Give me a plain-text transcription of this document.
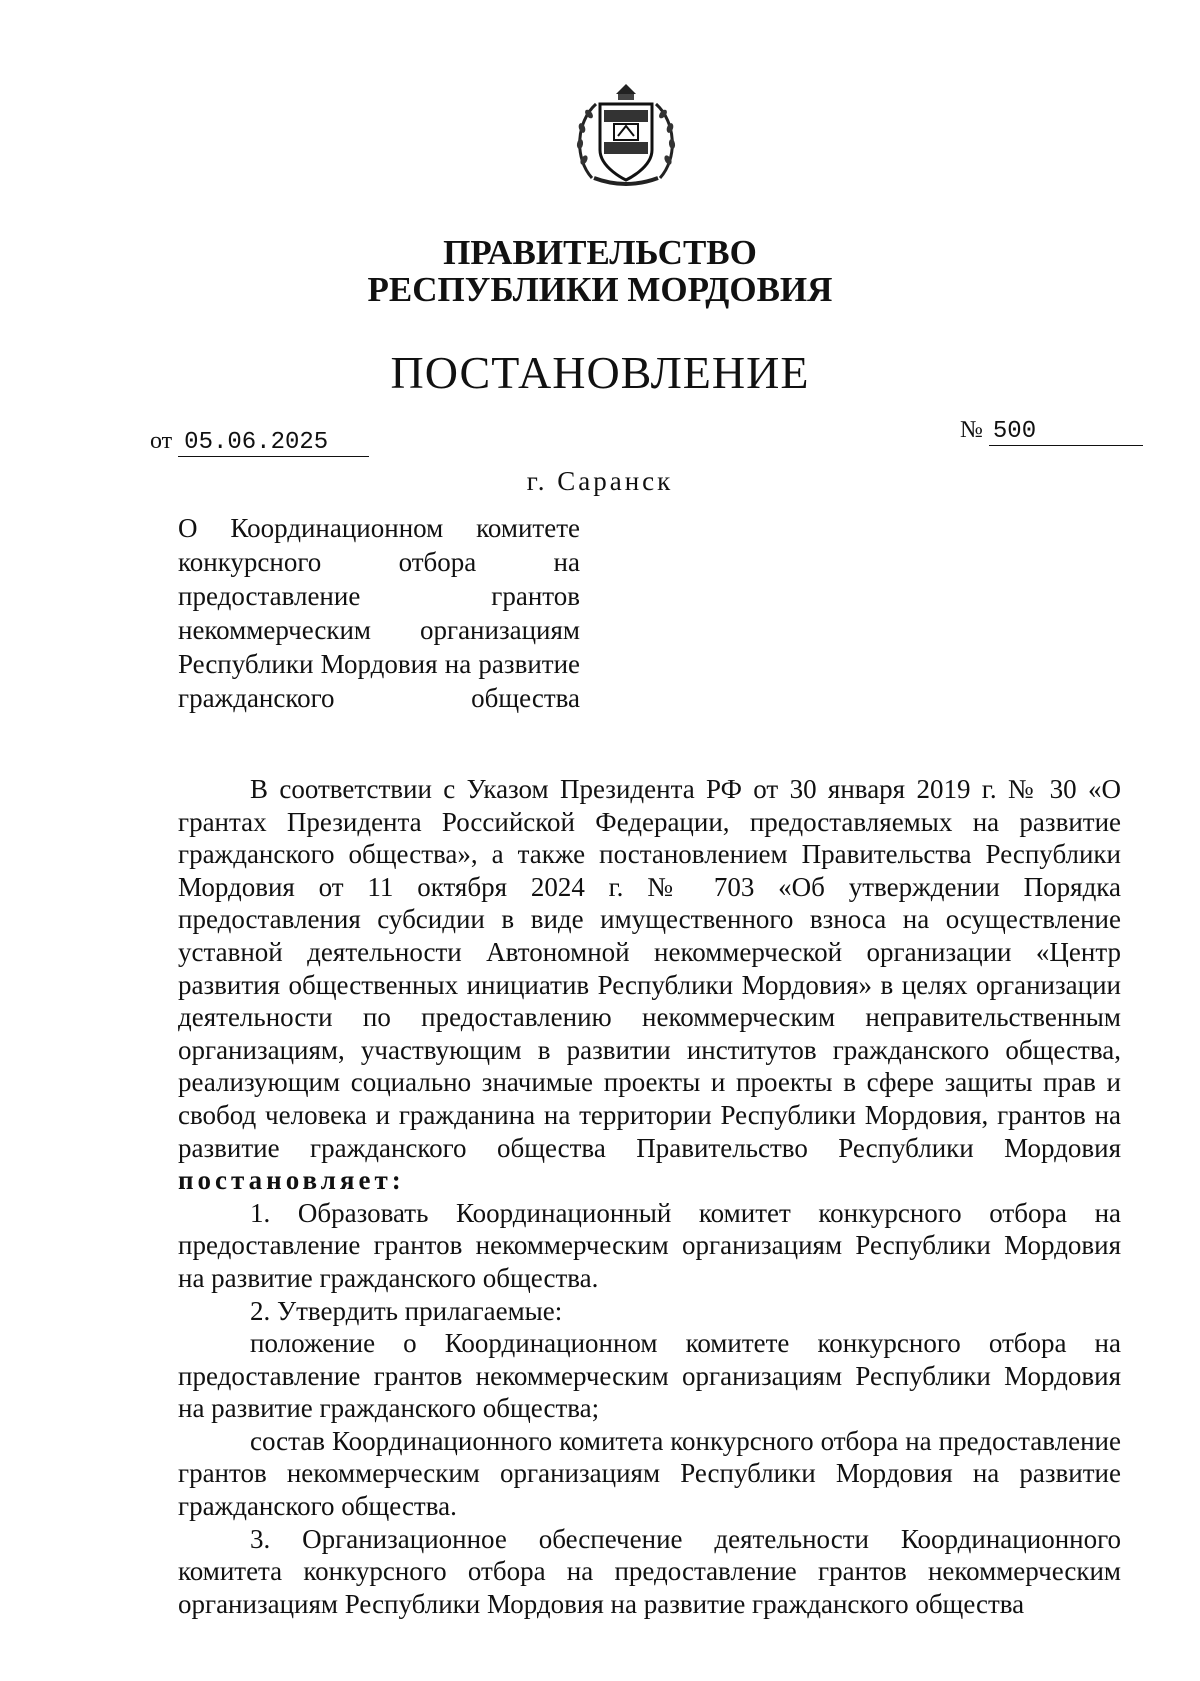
ПРАВИТЕЛЬСТВО
РЕСПУБЛИКИ МОРДОВИЯ
ПОСТАНОВЛЕНИЕ
от 05.06.2025	№ 500
г. Саранск
О Координационном комитете конкурсного отбора на предоставление грантов некоммерческим организациям Республики Мордовия на развитие гражданского общества

В соответствии с Указом Президента РФ от 30 января 2019 г. № 30 «О грантах Президента Российской Федерации, предоставляемых на развитие гражданского общества», а также постановлением Правительства Республики Мордовия от 11 октября 2024 г. № 703 «Об утверждении Порядка предоставления субсидии в виде имущественного взноса на осуществление уставной деятельности Автономной некоммерческой организации «Центр развития общественных инициатив Республики Мордовия» в целях организации деятельности по предоставлению некоммерческим неправительственным организациям, участвующим в развитии институтов гражданского общества, реализующим социально значимые проекты и проекты в сфере защиты прав и свобод человека и гражданина на территории Республики Мордовия, грантов на развитие гражданского общества Правительство Республики Мордовия постановляет:

1. Образовать Координационный комитет конкурсного отбора на предоставление грантов некоммерческим организациям Республики Мордовия на развитие гражданского общества.

2. Утвердить прилагаемые:

положение о Координационном комитете конкурсного отбора на предоставление грантов некоммерческим организациям Республики Мордовия на развитие гражданского общества;

состав Координационного комитета конкурсного отбора на предоставление грантов некоммерческим организациям Республики Мордовия на развитие гражданского общества.

3. Организационное обеспечение деятельности Координационного комитета конкурсного отбора на предоставление грантов некоммерческим организациям Республики Мордовия на развитие гражданского общества
